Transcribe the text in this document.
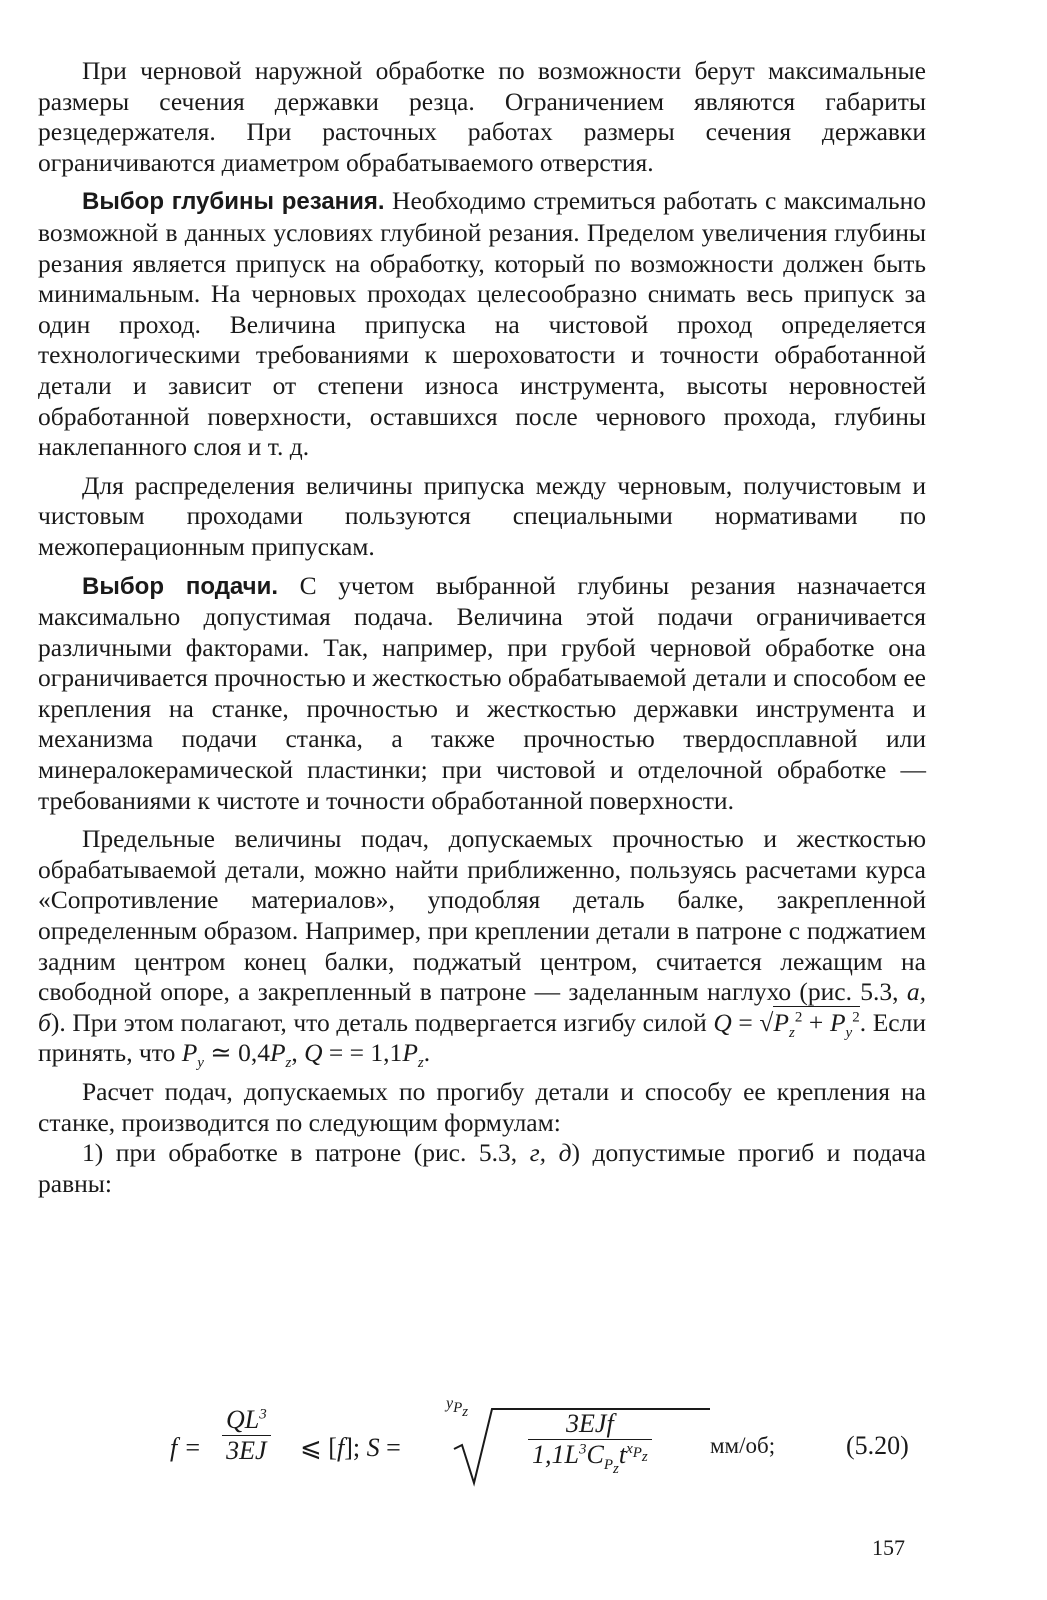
При черновой наружной обработке по возможности берут максимальные размеры сечения державки резца. Ограничением являются габариты резцедержателя. При расточных работах размеры сечения державки ограничиваются диаметром обрабатываемого отверстия.

Выбор глубины резания. Необходимо стремиться работать с максимально возможной в данных условиях глубиной резания. Пределом увеличения глубины резания является припуск на обработку, который по возможности должен быть минимальным. На черновых проходах целесообразно снимать весь припуск за один проход. Величина припуска на чистовой проход определяется технологическими требованиями к шероховатости и точности обработанной детали и зависит от степени износа инструмента, высоты неровностей обработанной поверхности, оставшихся после чернового прохода, глубины наклепанного слоя и т. д.

Для распределения величины припуска между черновым, получистовым и чистовым проходами пользуются специальными нормативами по межоперационным припускам.

Выбор подачи. С учетом выбранной глубины резания назначается максимально допустимая подача. Величина этой подачи ограничивается различными факторами. Так, например, при грубой черновой обработке она ограничивается прочностью и жесткостью обрабатываемой детали и способом ее крепления на станке, прочностью и жесткостью державки инструмента и механизма подачи станка, а также прочностью твердосплавной или минералокерамической пластинки; при чистовой и отделочной обработке — требованиями к чистоте и точности обработанной поверхности.

Предельные величины подач, допускаемых прочностью и жесткостью обрабатываемой детали, можно найти приближенно, пользуясь расчетами курса «Сопротивление материалов», уподобляя деталь балке, закрепленной определенным образом. Например, при креплении детали в патроне с поджатием задним центром конец балки, поджатый центром, считается лежащим на свободной опоре, а закрепленный в патроне — заделанным наглухо (рис. 5.3, а, б). При этом полагают, что деталь подвергается изгибу силой $Q = √P_z^2 + P_y^2$. Если принять, что $P_y$ ≃ $0,4P_z$, Q = = $1,1P_z$.

Расчет подач, допускаемых по прогибу детали и способу ее крепления на станке, производится по следующим формулам:

1) при обработке в патроне (рис. 5.3, г, д) допустимые прогиб и подача равны:

$f = \frac{QL^3}{3EJ}$ ⩽ [f]; S =
$y_{P_z}$	3EJf
$1,1L^3C_{P_z}t^{x_{P_z}}$	мм/об;	(5.20)
157
